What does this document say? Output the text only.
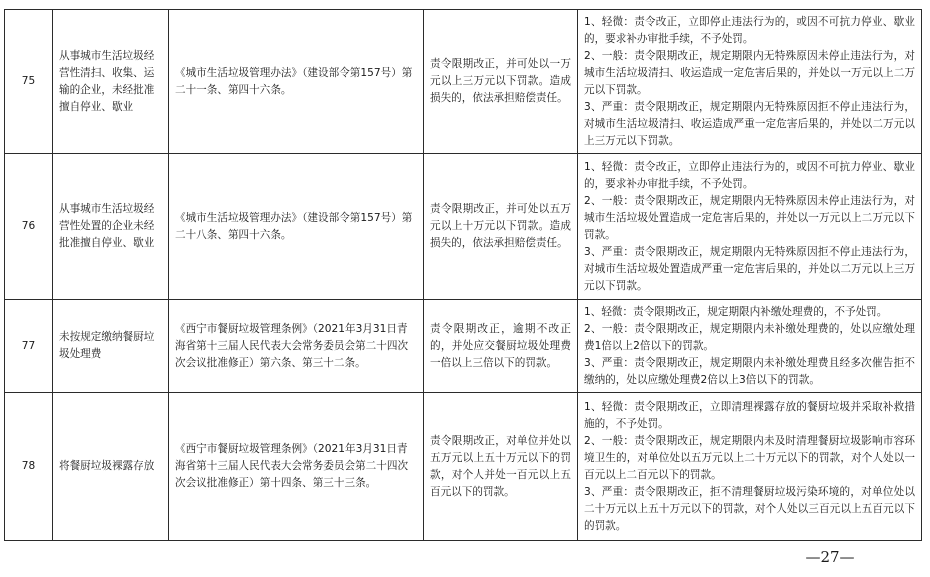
75	从事城市生活垃圾经营性清扫、收集、运输的企业，未经批准擅自停业、歇业	《城市生活垃圾管理办法》（建设部令第157号）第二十一条、第四十六条。	责令限期改正，并可处以一万元以上三万元以下罚款。造成损失的，依法承担赔偿责任。	1、轻微：责令改正，立即停止违法行为的，或因不可抗力停业、歇业的，要求补办审批手续，不予处罚。
2、一般：责令限期改正，规定期限内无特殊原因未停止违法行为，对城市生活垃圾清扫、收运造成一定危害后果的，并处以一万元以上二万元以下罚款。
3、严重：责令限期改正，规定期限内无特殊原因拒不停止违法行为，对城市生活垃圾清扫、收运造成严重一定危害后果的，并处以二万元以上三万元以下罚款。

76	从事城市生活垃圾经营性处置的企业未经批准擅自停业、歇业	《城市生活垃圾管理办法》（建设部令第157号）第二十八条、第四十六条。	责令限期改正，并可处以五万元以上十万元以下罚款。造成损失的，依法承担赔偿责任。	1、轻微：责令改正，立即停止违法行为的，或因不可抗力停业、歇业的，要求补办审批手续，不予处罚。
2、一般：责令限期改正，规定期限内无特殊原因未停止违法行为，对城市生活垃圾处置造成一定危害后果的，并处以一万元以上二万元以下罚款。
3、严重：责令限期改正，规定期限内无特殊原因拒不停止违法行为，对城市生活垃圾处置造成严重一定危害后果的，并处以二万元以上三万元以下罚款。

77	未按规定缴纳餐厨垃圾处理费	《西宁市餐厨垃圾管理条例》（2021年3月31日青海省第十三届人民代表大会常务委员会第二十四次次会议批准修正）第六条、第三十二条。	责令限期改正，逾期不改正的，并处应交餐厨垃圾处理费一倍以上三倍以下的罚款。	1、轻微：责令限期改正，规定期限内补缴处理费的，不予处罚。
2、一般：责令限期改正，规定期限内未补缴处理费的，处以应缴处理费1倍以上2倍以下的罚款。
3、严重：责令限期改正，规定期限内未补缴处理费且经多次催告拒不缴纳的，处以应缴处理费2倍以上3倍以下的罚款。

78	将餐厨垃圾裸露存放	《西宁市餐厨垃圾管理条例》（2021年3月31日青海省第十三届人民代表大会常务委员会第二十四次次会议批准修正）第十四条、第三十三条。	责令限期改正，对单位并处以五万元以上五十万元以下的罚款，对个人并处一百元以上五百元以下的罚款。	1、轻微：责令限期改正，立即清理裸露存放的餐厨垃圾并采取补救措施的，不予处罚。
2、一般：责令限期改正，规定期限内未及时清理餐厨垃圾影响市容环境卫生的，对单位处以五万元以上二十万元以下的罚款，对个人处以一百元以上二百元以下的罚款。
3、严重：责令限期改正，拒不清理餐厨垃圾污染环境的，对单位处以二十万元以上五十万元以下的罚款，对个人处以三百元以上五百元以下的罚款。
—27—
